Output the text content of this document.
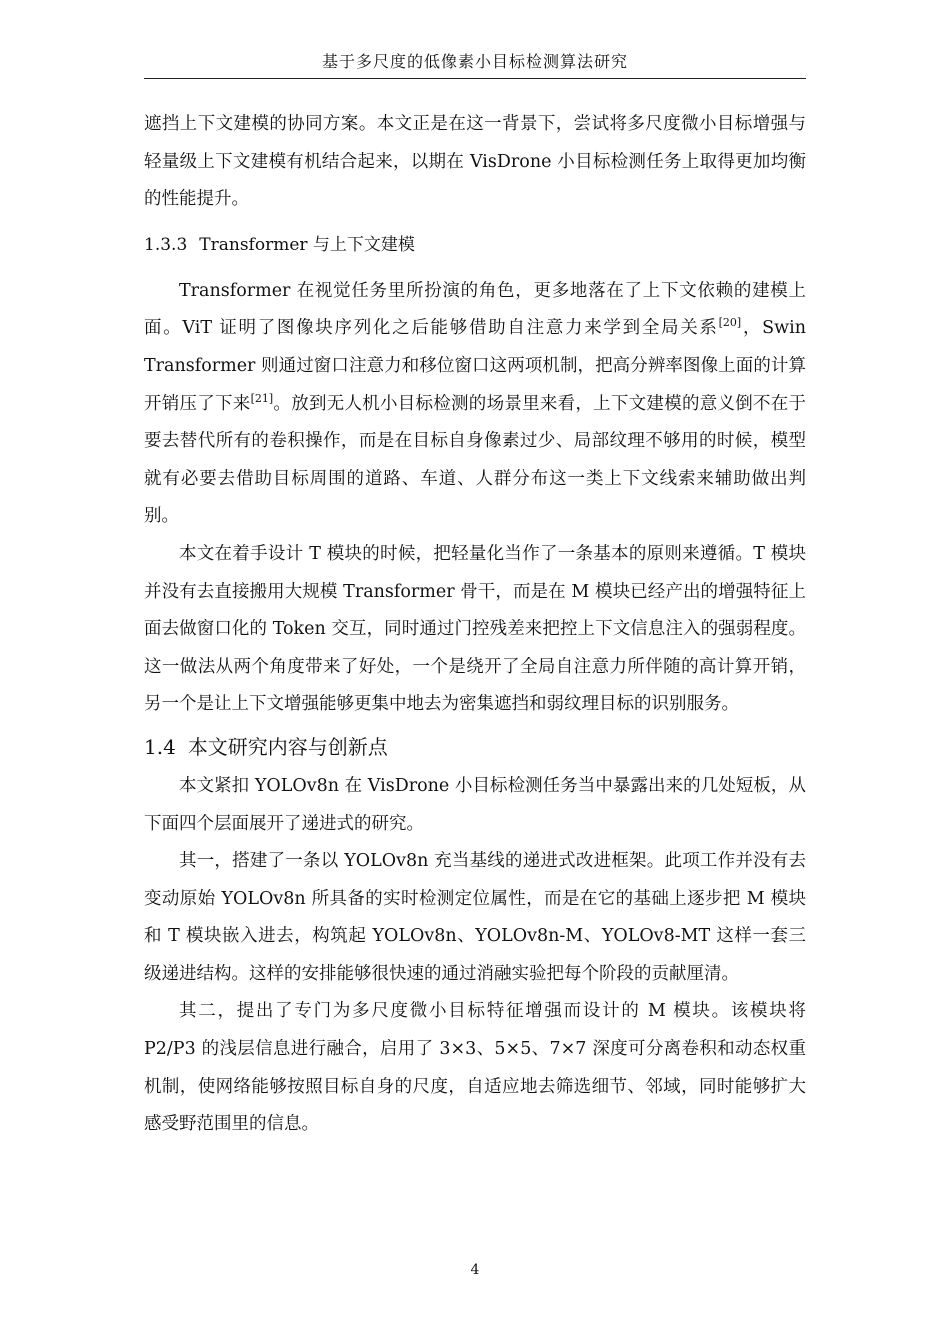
基于多尺度的低像素小目标检测算法研究

遮挡上下文建模的协同方案。本文正是在这一背景下，尝试将多尺度微小目标增强与轻量级上下文建模有机结合起来，以期在 VisDrone 小目标检测任务上取得更加均衡的性能提升。

1.3.3 Transformer 与上下文建模

Transformer 在视觉任务里所扮演的角色，更多地落在了上下文依赖的建模上面。ViT 证明了图像块序列化之后能够借助自注意力来学到全局关系[20]，Swin Transformer 则通过窗口注意力和移位窗口这两项机制，把高分辨率图像上面的计算开销压了下来[21]。放到无人机小目标检测的场景里来看，上下文建模的意义倒不在于要去替代所有的卷积操作，而是在目标自身像素过少、局部纹理不够用的时候，模型就有必要去借助目标周围的道路、车道、人群分布这一类上下文线索来辅助做出判别。

本文在着手设计 T 模块的时候，把轻量化当作了一条基本的原则来遵循。T 模块并没有去直接搬用大规模 Transformer 骨干，而是在 M 模块已经产出的增强特征上面去做窗口化的 Token 交互，同时通过门控残差来把控上下文信息注入的强弱程度。这一做法从两个角度带来了好处，一个是绕开了全局自注意力所伴随的高计算开销，另一个是让上下文增强能够更集中地去为密集遮挡和弱纹理目标的识别服务。

1.4 本文研究内容与创新点

本文紧扣 YOLOv8n 在 VisDrone 小目标检测任务当中暴露出来的几处短板，从下面四个层面展开了递进式的研究。

其一，搭建了一条以 YOLOv8n 充当基线的递进式改进框架。此项工作并没有去变动原始 YOLOv8n 所具备的实时检测定位属性，而是在它的基础上逐步把 M 模块和 T 模块嵌入进去，构筑起 YOLOv8n、YOLOv8n-M、YOLOv8-MT 这样一套三级递进结构。这样的安排能够很快速的通过消融实验把每个阶段的贡献厘清。

其二，提出了专门为多尺度微小目标特征增强而设计的 M 模块。该模块将 P2/P3 的浅层信息进行融合，启用了 3×3、5×5、7×7 深度可分离卷积和动态权重机制，使网络能够按照目标自身的尺度，自适应地去筛选细节、邻域，同时能够扩大感受野范围里的信息。

4
